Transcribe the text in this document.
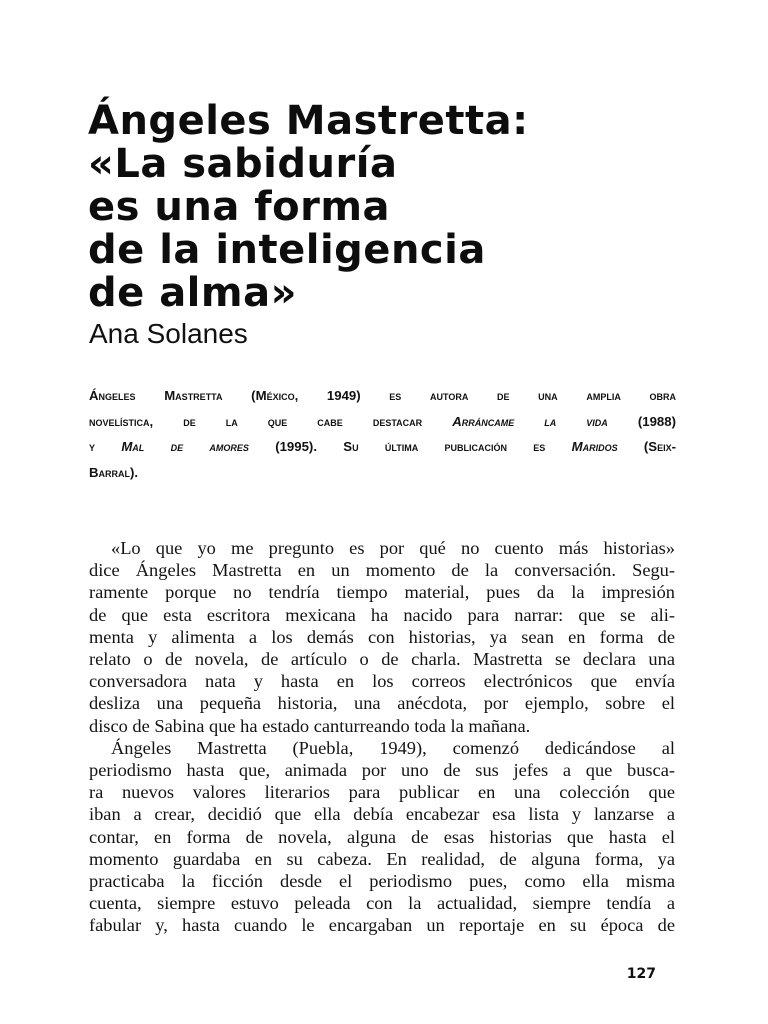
Ángeles Mastretta:
«La sabiduría
es una forma
de la inteligencia
de alma»
Ana Solanes
Ángeles Mastretta (México, 1949) es autora de una amplia obra
novelística, de la que cabe destacar Arráncame la vida (1988)
y Mal de amores (1995). Su última publicación es Maridos (Seix-
Barral).
«Lo que yo me pregunto es por qué no cuento más historias»
dice Ángeles Mastretta en un momento de la conversación. Segu-
ramente porque no tendría tiempo material, pues da la impresión
de que esta escritora mexicana ha nacido para narrar: que se ali-
menta y alimenta a los demás con historias, ya sean en forma de
relato o de novela, de artículo o de charla. Mastretta se declara una
conversadora nata y hasta en los correos electrónicos que envía
desliza una pequeña historia, una anécdota, por ejemplo, sobre el
disco de Sabina que ha estado canturreando toda la mañana.
Ángeles Mastretta (Puebla, 1949), comenzó dedicándose al
periodismo hasta que, animada por uno de sus jefes a que busca-
ra nuevos valores literarios para publicar en una colección que
iban a crear, decidió que ella debía encabezar esa lista y lanzarse a
contar, en forma de novela, alguna de esas historias que hasta el
momento guardaba en su cabeza. En realidad, de alguna forma, ya
practicaba la ficción desde el periodismo pues, como ella misma
cuenta, siempre estuvo peleada con la actualidad, siempre tendía a
fabular y, hasta cuando le encargaban un reportaje en su época de
127
